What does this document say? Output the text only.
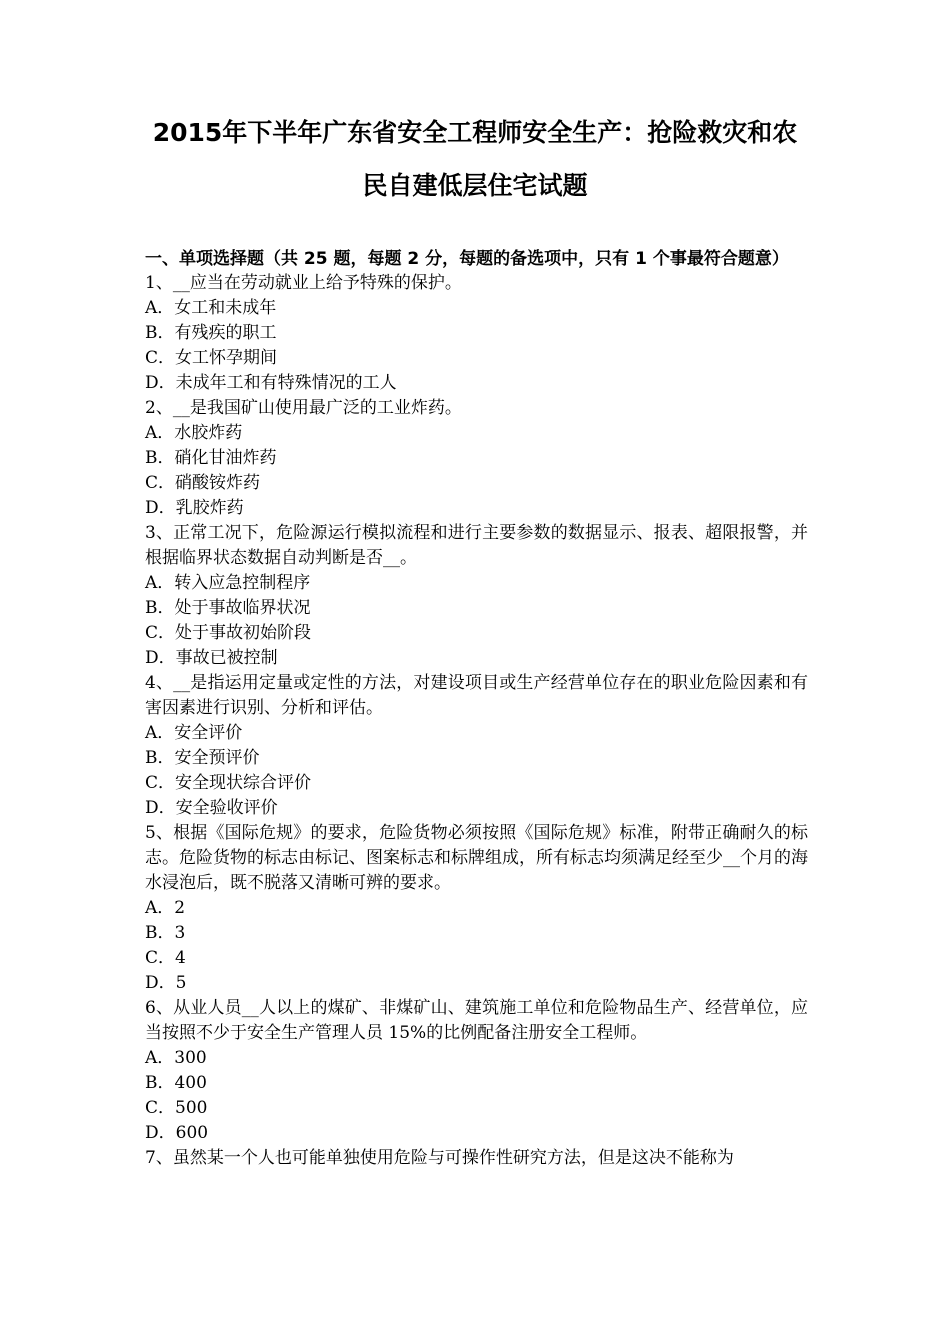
2015年下半年广东省安全工程师安全生产：抢险救灾和农
民自建低层住宅试题
一、单项选择题（共 25 题，每题 2 分，每题的备选项中，只有 1 个事最符合题意）
1、__应当在劳动就业上给予特殊的保护。
A．女工和未成年
B．有残疾的职工
C．女工怀孕期间
D．未成年工和有特殊情况的工人
2、__是我国矿山使用最广泛的工业炸药。
A．水胶炸药
B．硝化甘油炸药
C．硝酸铵炸药
D．乳胶炸药
3、正常工况下，危险源运行模拟流程和进行主要参数的数据显示、报表、超限报警，并根据临界状态数据自动判断是否__。
A．转入应急控制程序
B．处于事故临界状况
C．处于事故初始阶段
D．事故已被控制
4、__是指运用定量或定性的方法，对建设项目或生产经营单位存在的职业危险因素和有害因素进行识别、分析和评估。
A．安全评价
B．安全预评价
C．安全现状综合评价
D．安全验收评价
5、根据《国际危规》的要求，危险货物必须按照《国际危规》标准，附带正确耐久的标志。危险货物的标志由标记、图案标志和标牌组成，所有标志均须满足经至少__个月的海水浸泡后，既不脱落又清晰可辨的要求。
A．2
B．3
C．4
D．5
6、从业人员__人以上的煤矿、非煤矿山、建筑施工单位和危险物品生产、经营单位，应当按照不少于安全生产管理人员 15%的比例配备注册安全工程师。
A．300
B．400
C．500
D．600
7、虽然某一个人也可能单独使用危险与可操作性研究方法，但是这决不能称为
